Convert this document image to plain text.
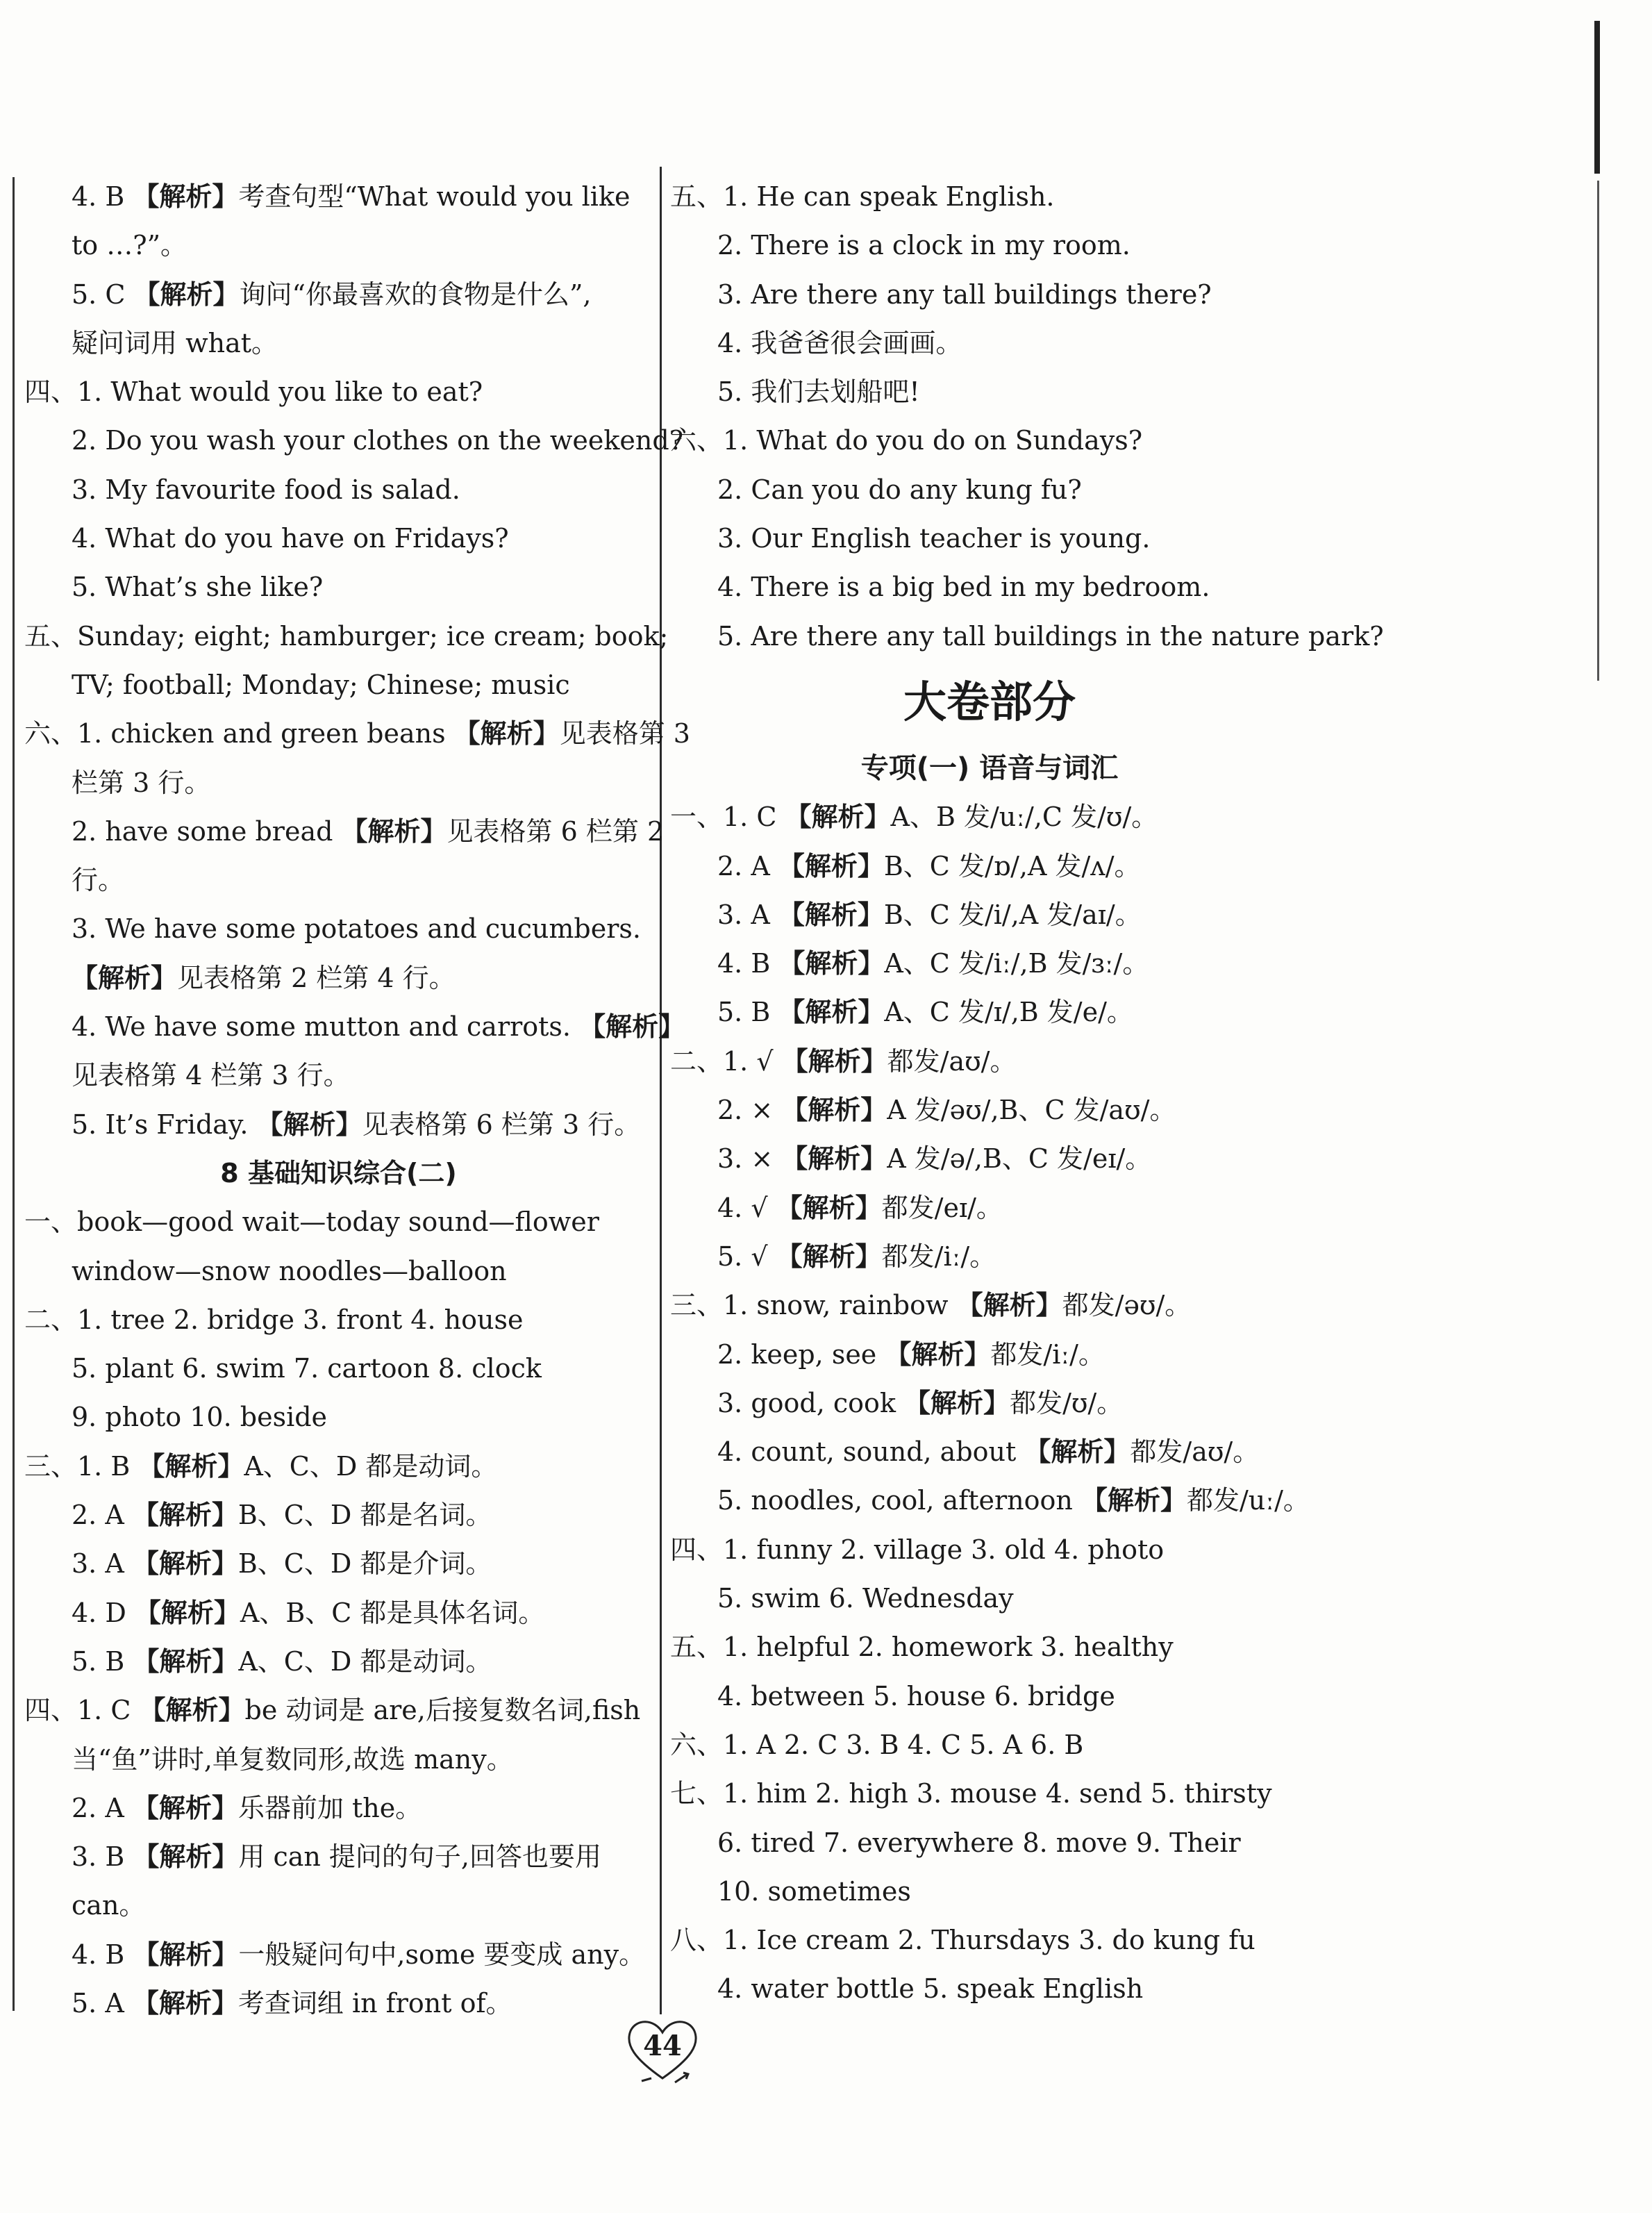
4. B 【解析】考查句型“What would you like
to …?”。
5. C 【解析】询问“你最喜欢的食物是什么”,
疑问词用 what。
四、1. What would you like to eat?
2. Do you wash your clothes on the weekend?
3. My favourite food is salad.
4. What do you have on Fridays?
5. What’s she like?
五、Sunday; eight; hamburger; ice cream; book;
TV; football; Monday; Chinese; music
六、1. chicken and green beans 【解析】见表格第 3
栏第 3 行。
2. have some bread 【解析】见表格第 6 栏第 2
行。
3. We have some potatoes and cucumbers.
【解析】见表格第 2 栏第 4 行。
4. We have some mutton and carrots. 【解析】
见表格第 4 栏第 3 行。
5. It’s Friday. 【解析】见表格第 6 栏第 3 行。
8 基础知识综合(二)
一、book—good wait—today sound—flower
window—snow noodles—balloon
二、1. tree 2. bridge 3. front 4. house
5. plant 6. swim 7. cartoon 8. clock
9. photo 10. beside
三、1. B 【解析】A、C、D 都是动词。
2. A 【解析】B、C、D 都是名词。
3. A 【解析】B、C、D 都是介词。
4. D 【解析】A、B、C 都是具体名词。
5. B 【解析】A、C、D 都是动词。
四、1. C 【解析】be 动词是 are,后接复数名词,fish
当“鱼”讲时,单复数同形,故选 many。
2. A 【解析】乐器前加 the。
3. B 【解析】用 can 提问的句子,回答也要用
can。
4. B 【解析】一般疑问句中,some 要变成 any。
5. A 【解析】考查词组 in front of。
五、1. He can speak English.
2. There is a clock in my room.
3. Are there any tall buildings there?
4. 我爸爸很会画画。
5. 我们去划船吧!
六、1. What do you do on Sundays?
2. Can you do any kung fu?
3. Our English teacher is young.
4. There is a big bed in my bedroom.
5. Are there any tall buildings in the nature park?
大卷部分
专项(一) 语音与词汇
一、1. C 【解析】A、B 发/uː/,C 发/ʊ/。
2. A 【解析】B、C 发/ɒ/,A 发/ʌ/。
3. A 【解析】B、C 发/i/,A 发/aɪ/。
4. B 【解析】A、C 发/iː/,B 发/ɜː/。
5. B 【解析】A、C 发/ɪ/,B 发/e/。
二、1. √ 【解析】都发/aʊ/。
2. × 【解析】A 发/əʊ/,B、C 发/aʊ/。
3. × 【解析】A 发/ə/,B、C 发/eɪ/。
4. √ 【解析】都发/eɪ/。
5. √ 【解析】都发/iː/。
三、1. snow, rainbow 【解析】都发/əʊ/。
2. keep, see 【解析】都发/iː/。
3. good, cook 【解析】都发/ʊ/。
4. count, sound, about 【解析】都发/aʊ/。
5. noodles, cool, afternoon 【解析】都发/uː/。
四、1. funny 2. village 3. old 4. photo
5. swim 6. Wednesday
五、1. helpful 2. homework 3. healthy
4. between 5. house 6. bridge
六、1. A 2. C 3. B 4. C 5. A 6. B
七、1. him 2. high 3. mouse 4. send 5. thirsty
6. tired 7. everywhere 8. move 9. Their
10. sometimes
八、1. Ice cream 2. Thursdays 3. do kung fu
4. water bottle 5. speak English
44
